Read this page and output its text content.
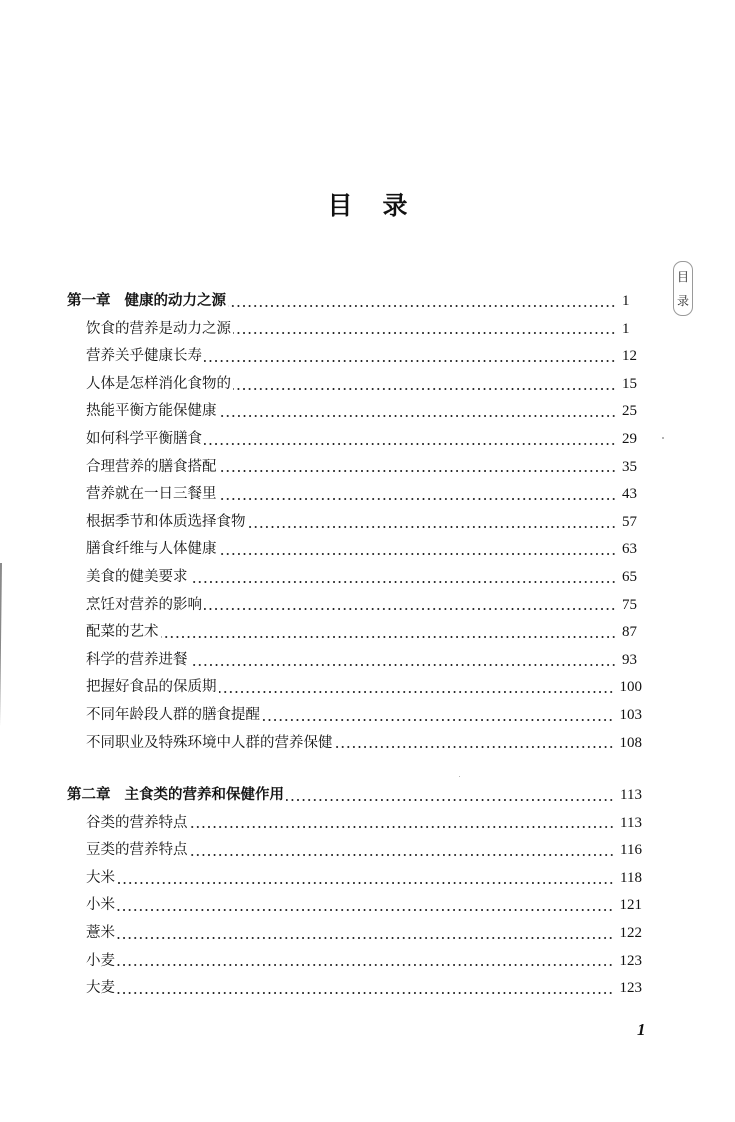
目 录
目
录
第一章 健康的动力之源	1
饮食的营养是动力之源	1
营养关乎健康长寿	12
人体是怎样消化食物的	15
热能平衡方能保健康	25
如何科学平衡膳食	29
合理营养的膳食搭配	35
营养就在一日三餐里	43
根据季节和体质选择食物	57
膳食纤维与人体健康	63
美食的健美要求	65
烹饪对营养的影响	75
配菜的艺术	87
科学的营养进餐	93
把握好食品的保质期	100
不同年龄段人群的膳食提醒	103
不同职业及特殊环境中人群的营养保健	108
第二章 主食类的营养和保健作用	113
谷类的营养特点	113
豆类的营养特点	116
大米	118
小米	121
薏米	122
小麦	123
大麦	123
1
